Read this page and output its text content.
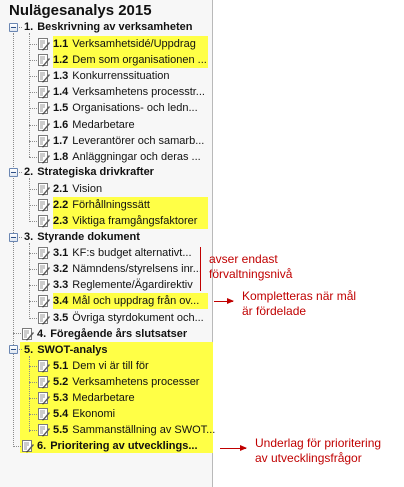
Nulägesanalys 2015
1. Beskrivning av verksamheten
1.1 Verksamhetsidé/Uppdrag
1.2 Dem som organisationen ...
1.3 Konkurrenssituation
1.4 Verksamhetens processtr...
1.5 Organisations- och ledn...
1.6 Medarbetare
1.7 Leverantörer och samarb...
1.8 Anläggningar och deras ...
2. Strategiska drivkrafter
2.1 Vision
2.2 Förhållningssätt
2.3 Viktiga framgångsfaktorer
3. Styrande dokument
3.1 KF:s budget alternativt...
3.2 Nämndens/styrelsens inr...
3.3 Reglemente/Ägardirektiv
3.4 Mål och uppdrag från ov...
3.5 Övriga styrdokument och...
4. Föregående års slutsatser
5. SWOT-analys
5.1 Dem vi är till för
5.2 Verksamhetens processer
5.3 Medarbetare
5.4 Ekonomi
5.5 Sammanställning av SWOT...
6. Prioritering av utvecklings...
avser endast
förvaltningsnivå
Kompletteras när mål
är fördelade
Underlag för prioritering
av utvecklingsfrågor
